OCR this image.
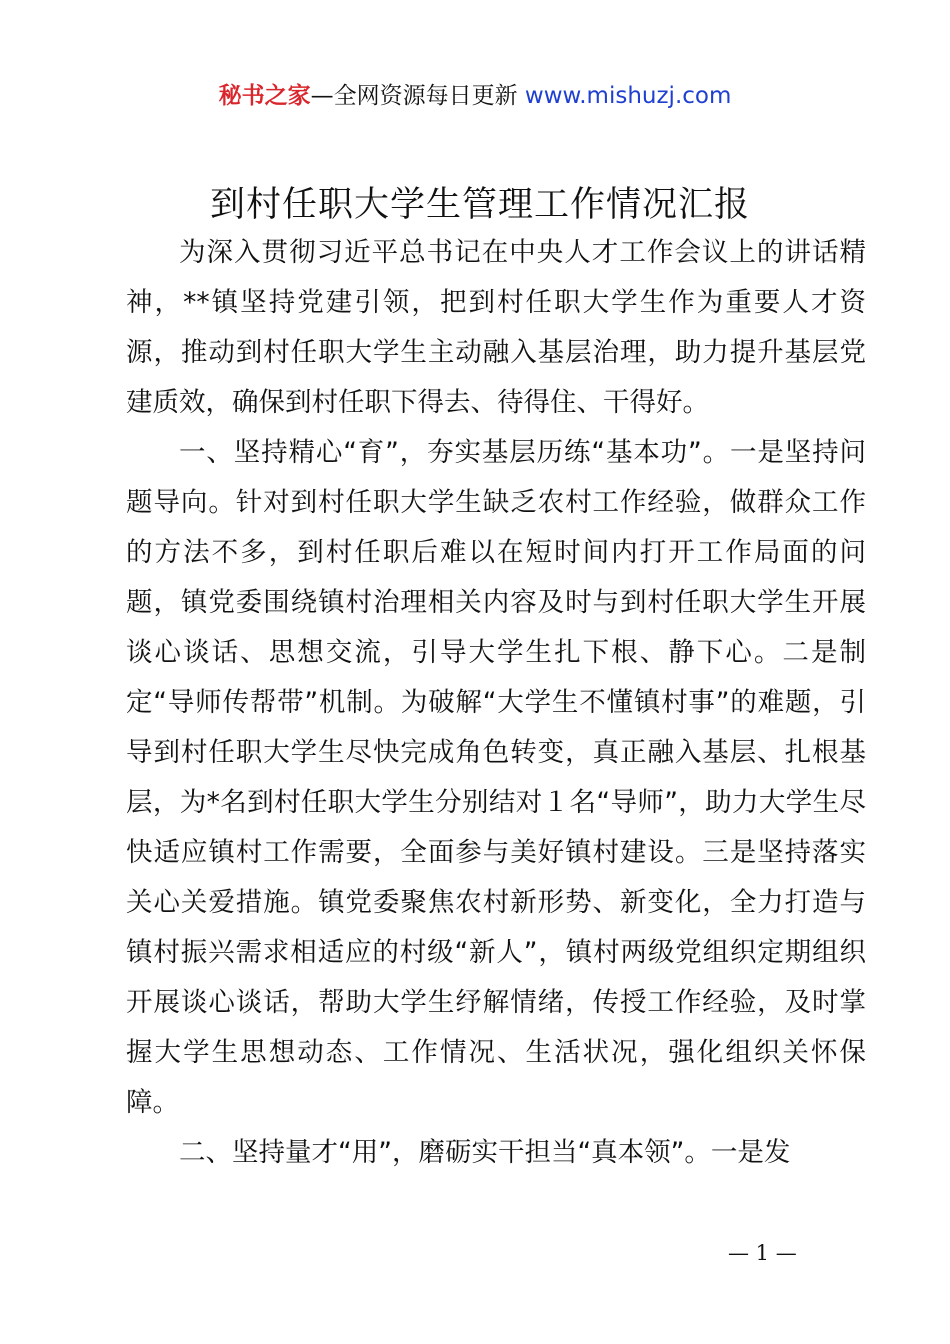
秘书之家—全网资源每日更新 www.mishuzj.com
到村任职大学生管理工作情况汇报

为深入贯彻习近平总书记在中央人才工作会议上的讲话精神，**镇坚持党建引领，把到村任职大学生作为重要人才资源，推动到村任职大学生主动融入基层治理，助力提升基层党建质效，确保到村任职下得去、待得住、干得好。

一、坚持精心“育”，夯实基层历练“基本功”。一是坚持问题导向。针对到村任职大学生缺乏农村工作经验，做群众工作的方法不多，到村任职后难以在短时间内打开工作局面的问题，镇党委围绕镇村治理相关内容及时与到村任职大学生开展谈心谈话、思想交流，引导大学生扎下根、静下心。二是制定“导师传帮带”机制。为破解“大学生不懂镇村事”的难题，引导到村任职大学生尽快完成角色转变，真正融入基层、扎根基层，为*名到村任职大学生分别结对１名“导师”，助力大学生尽快适应镇村工作需要，全面参与美好镇村建设。三是坚持落实关心关爱措施。镇党委聚焦农村新形势、新变化，全力打造与镇村振兴需求相适应的村级“新人”，镇村两级党组织定期组织开展谈心谈话，帮助大学生纾解情绪，传授工作经验，及时掌握大学生思想动态、工作情况、生活状况，强化组织关怀保障。

二、坚持量才“用”，磨砺实干担当“真本领”。一是发

— 1 —
